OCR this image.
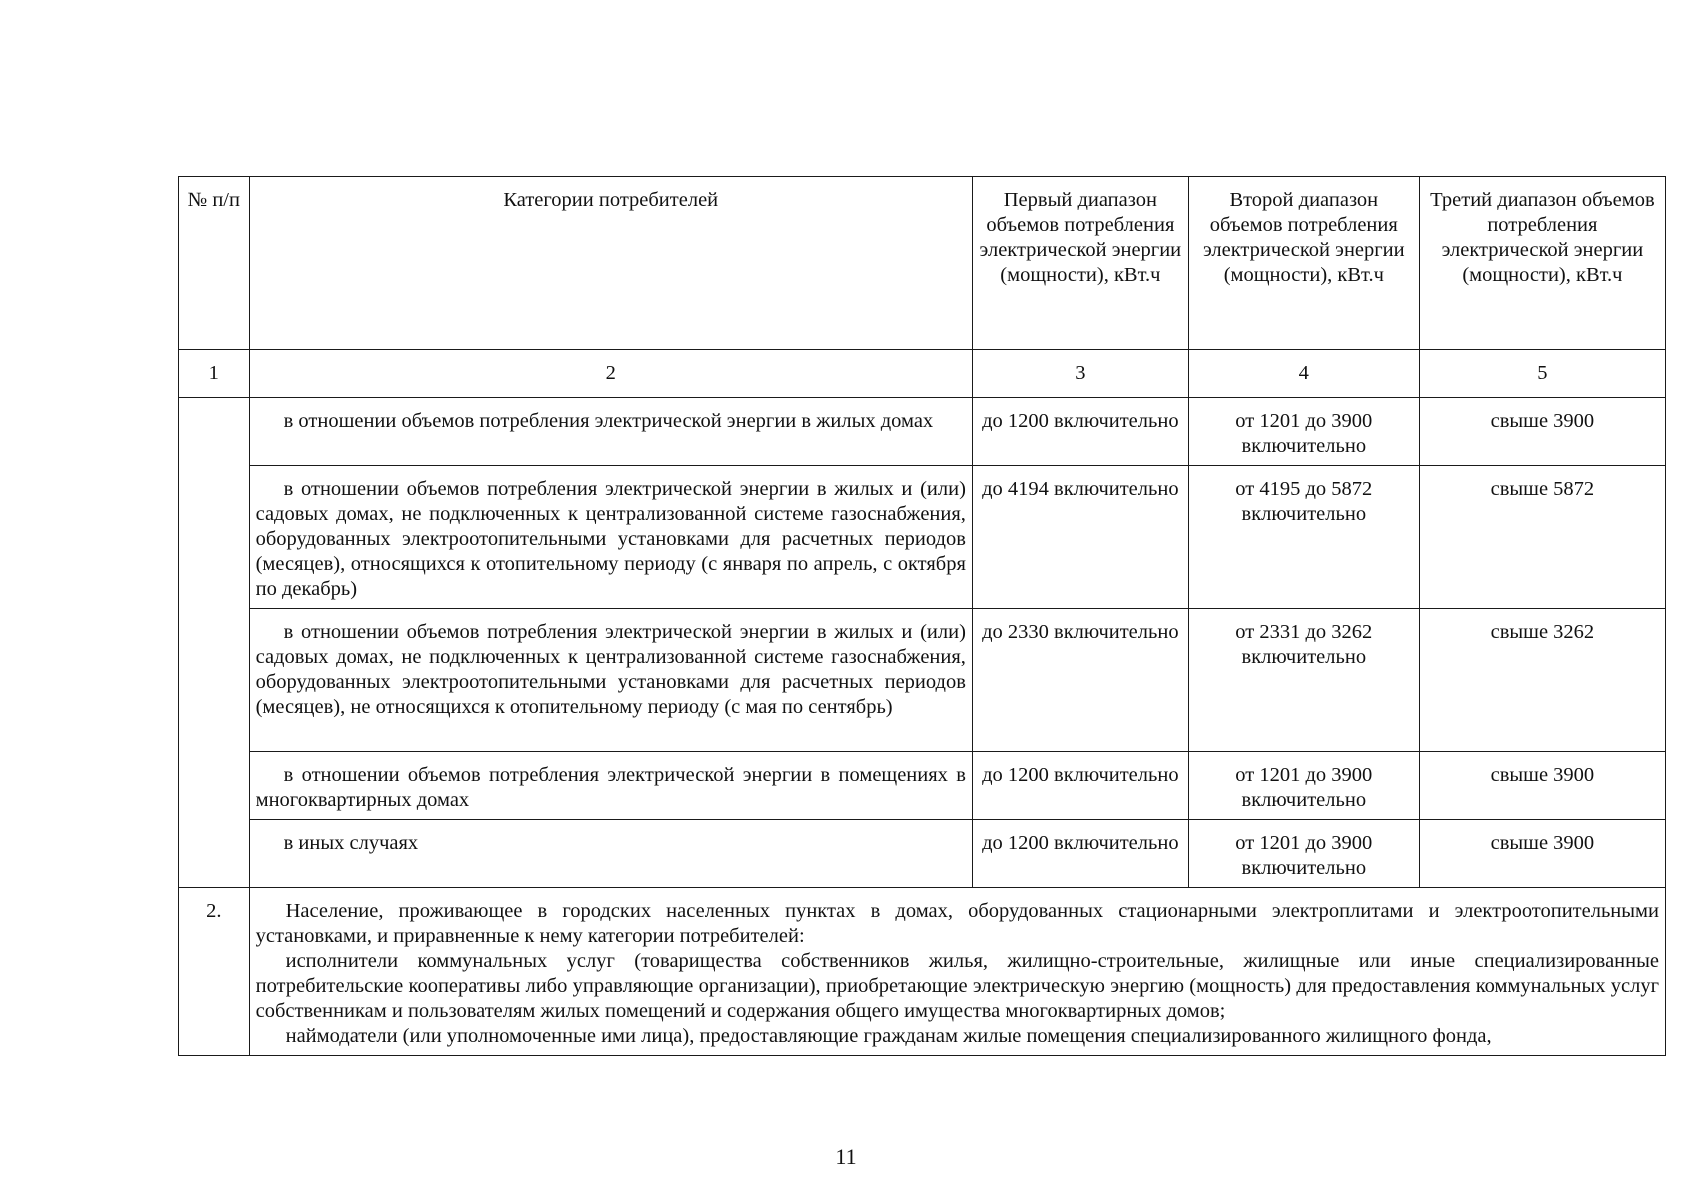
№ п/п	Категории потребителей	Первый диапазон объемов потребления электрической энергии (мощности), кВт.ч	Второй диапазон объемов потребления электрической энергии (мощности), кВт.ч	Третий диапазон объемов потребления электрической энергии (мощности), кВт.ч
1	2	3	4	5

	в отношении объемов потребления электрической энергии в жилых домах	до 1200 включительно	от 1201 до 3900 включительно	свыше 3900

	в отношении объемов потребления электрической энергии в жилых и (или) садовых домах, не подключенных к централизованной системе газоснабжения, оборудованных электроотопительными установками для расчетных периодов (месяцев), относящихся к отопительному периоду (с января по апрель, с октября по декабрь)	до 4194 включительно	от 4195 до 5872 включительно	свыше 5872

	в отношении объемов потребления электрической энергии в жилых и (или) садовых домах, не подключенных к централизованной системе газоснабжения, оборудованных электроотопительными установками для расчетных периодов (месяцев), не относящихся к отопительному периоду (с мая по сентябрь)	до 2330 включительно	от 2331 до 3262 включительно	свыше 3262

	в отношении объемов потребления электрической энергии в помещениях в многоквартирных домах	до 1200 включительно	от 1201 до 3900 включительно	свыше 3900

	в иных случаях	до 1200 включительно	от 1201 до 3900 включительно	свыше 3900
2.	Население, проживающее в городских населенных пунктах в домах, оборудованных стационарными электроплитами и электроотопительными установками, и приравненные к нему категории потребителей:
исполнители коммунальных услуг (товарищества собственников жилья, жилищно-строительные, жилищные или иные специализированные потребительские кооперативы либо управляющие организации), приобретающие электрическую энергию (мощность) для предоставления коммунальных услуг собственникам и пользователям жилых помещений и содержания общего имущества многоквартирных домов;
наймодатели (или уполномоченные ими лица), предоставляющие гражданам жилые помещения специализированного жилищного фонда,			
11
